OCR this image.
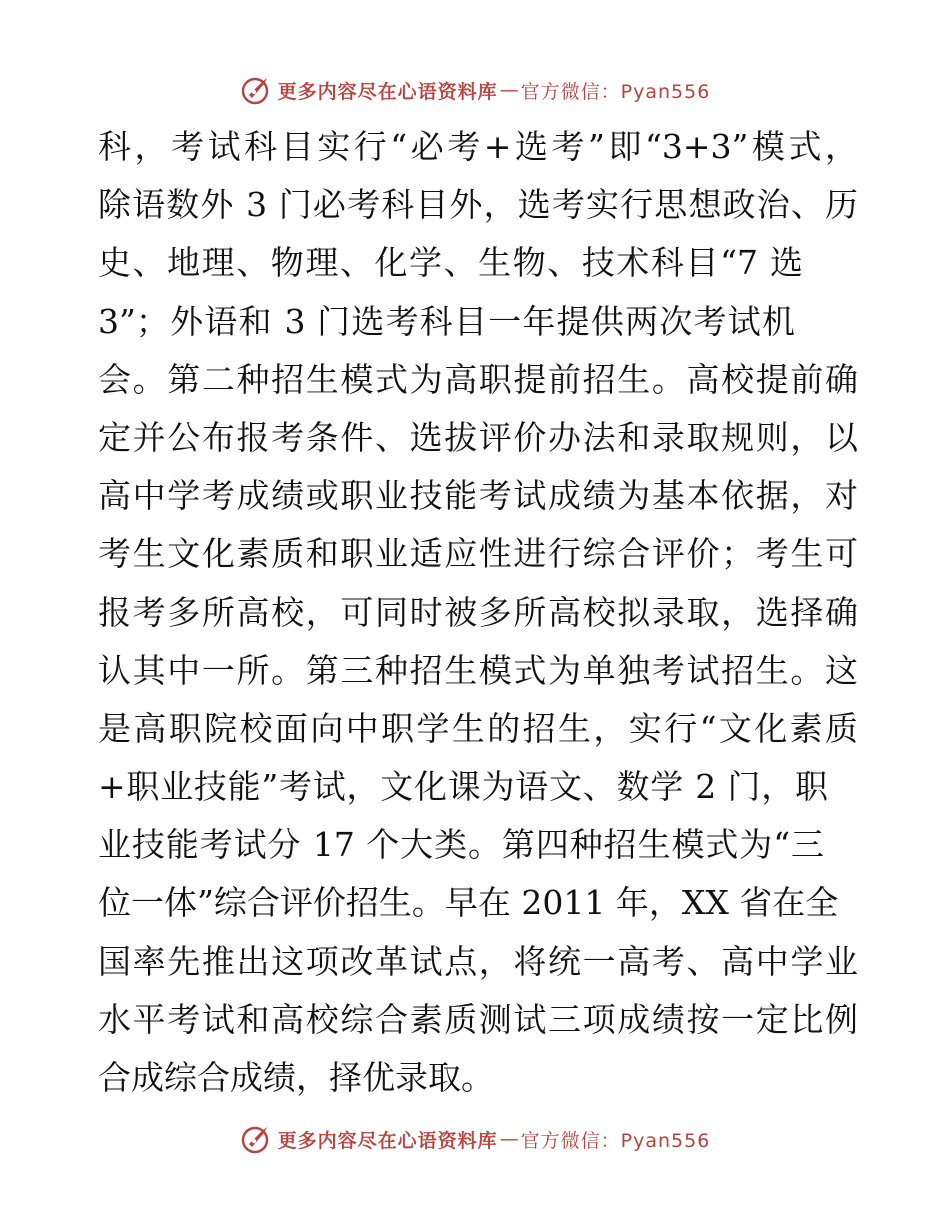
更多内容尽在心语资料库 — 官方微信：Pyan556
科，考试科目实行“必考+选考”即“3+3”模式，
除语数外 3 门必考科目外，选考实行思想政治、历
史、地理、物理、化学、生物、技术科目“7 选
3”；外语和 3 门选考科目一年提供两次考试机
会。第二种招生模式为高职提前招生。高校提前确
定并公布报考条件、选拔评价办法和录取规则，以
高中学考成绩或职业技能考试成绩为基本依据，对
考生文化素质和职业适应性进行综合评价；考生可
报考多所高校，可同时被多所高校拟录取，选择确
认其中一所。第三种招生模式为单独考试招生。这
是高职院校面向中职学生的招生，实行“文化素质
+职业技能”考试，文化课为语文、数学 2 门，职
业技能考试分 17 个大类。第四种招生模式为“三
位一体”综合评价招生。早在 2011 年，XX 省在全
国率先推出这项改革试点，将统一高考、高中学业
水平考试和高校综合素质测试三项成绩按一定比例
合成综合成绩，择优录取。
更多内容尽在心语资料库 — 官方微信：Pyan556
